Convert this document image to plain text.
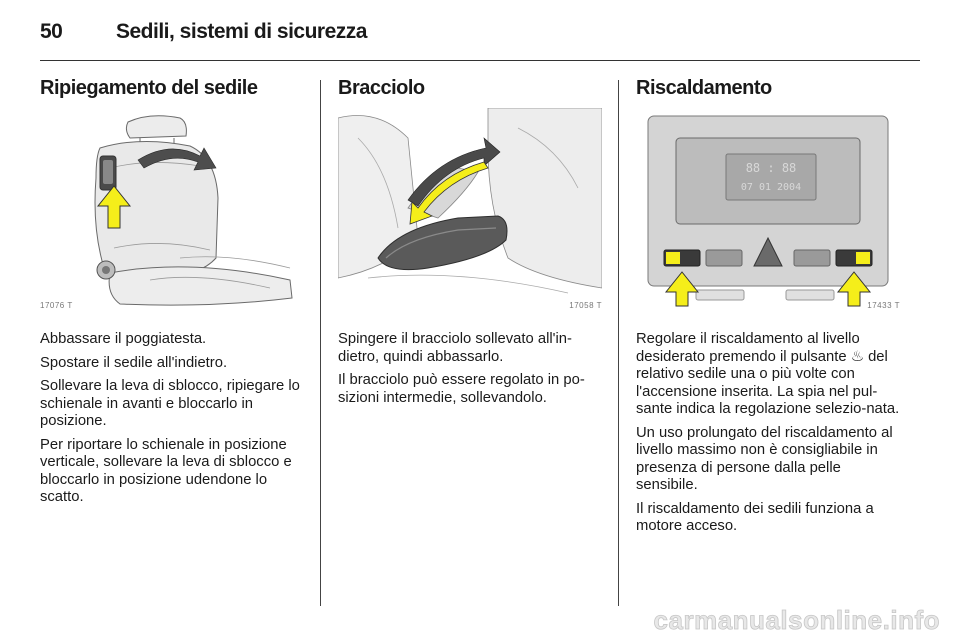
50	Sedili, sistemi di sicurezza
Ripiegamento del sedile
17076 T

Abbassare il poggiatesta.

Spostare il sedile all'indietro.

Sollevare la leva di sblocco, ripiegare lo schienale in avanti e bloccarlo in posizione.

Per riportare lo schienale in posizione verticale, sollevare la leva di sblocco e bloccarlo in posizione udendone lo scatto.

Bracciolo
17058 T

Spingere il bracciolo sollevato all'in-dietro, quindi abbassarlo.

Il bracciolo può essere regolato in po-sizioni intermedie, sollevandolo.

Riscaldamento
88 : 88
07 01 2004
17433 T

Regolare il riscaldamento al livello desiderato premendo il pulsante ♨ del relativo sedile una o più volte con l'accensione inserita. La spia nel pul-sante indica la regolazione selezio-nata.

Un uso prolungato del riscaldamento al livello massimo non è consigliabile in presenza di persone dalla pelle sensibile.

Il riscaldamento dei sedili funziona a motore acceso.

carmanualsonline.info
